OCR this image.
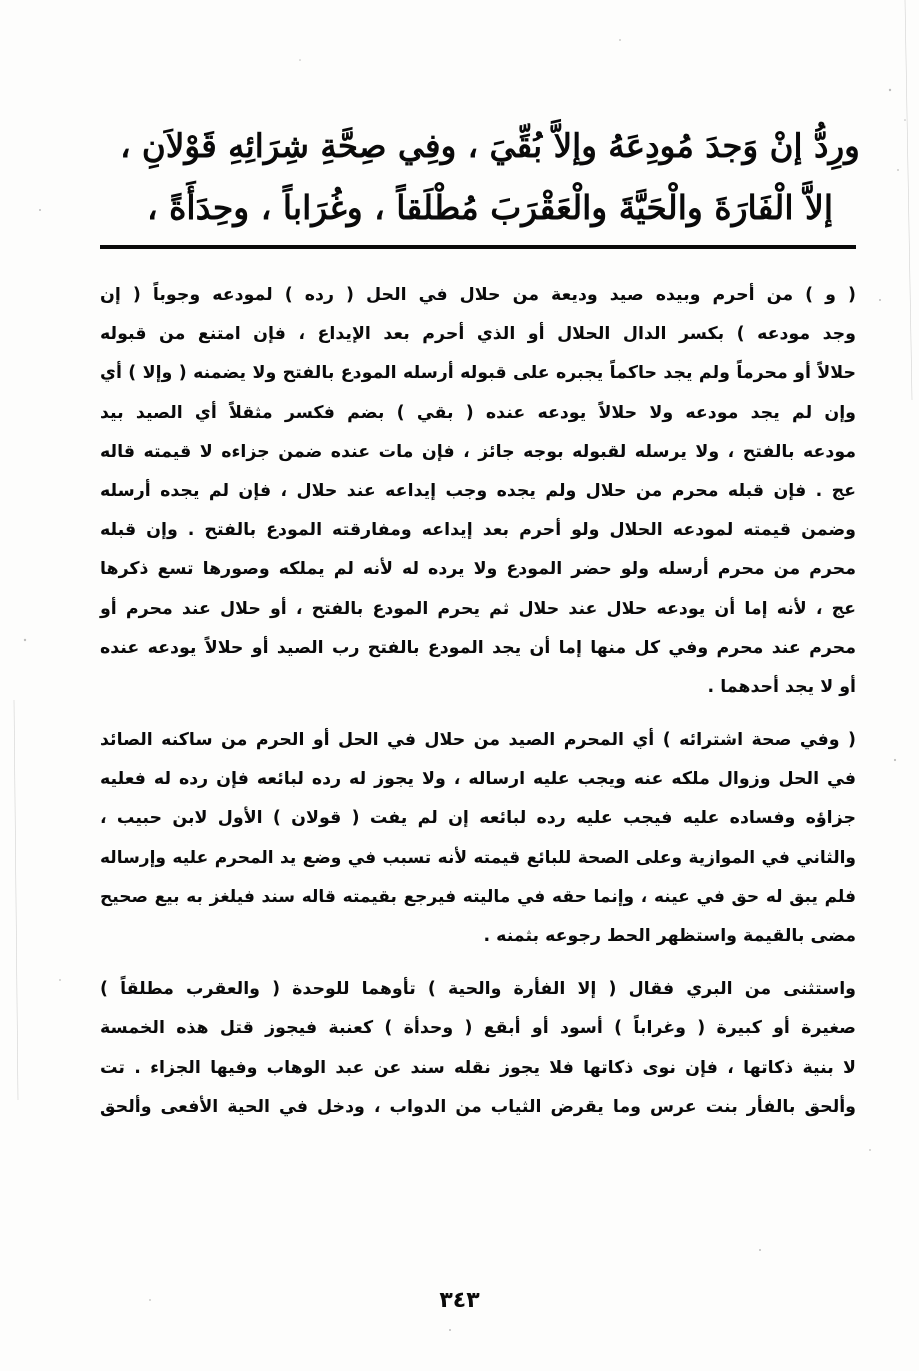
ورِدُّ إنْ وَجدَ مُودِعَهُ وإلاَّ بُقِّيَ ، وفِي صِحَّةِ شِرَائِهِ قَوْلاَنِ ،
إلاَّ الْفَارَةَ والْحَيَّةَ والْعَقْرَبَ مُطْلَقاً ، وغُرَاباً ، وحِدَأَةً ،
( و ) من أحرم وبيده صيد وديعة من حلال في الحل ( رده ) لمودعه وجوباً ( إن
وجد مودعه ) بكسر الدال الحلال أو الذي أحرم بعد الإيداع ، فإن امتنع من قبوله
حلالاً أو محرماً ولم يجد حاكماً يجبره على قبوله أرسله المودع بالفتح ولا يضمنه ( وإلا ) أي
وإن لم يجد مودعه ولا حلالاً يودعه عنده ( بقي ) بضم فكسر مثقلاً أي الصيد بيد
مودعه بالفتح ، ولا يرسله لقبوله بوجه جائز ، فإن مات عنده ضمن جزاءه لا قيمته قاله
عج . فإن قبله محرم من حلال ولم يجده وجب إيداعه عند حلال ، فإن لم يجده أرسله
وضمن قيمته لمودعه الحلال ولو أحرم بعد إيداعه ومفارقته المودع بالفتح . وإن قبله
محرم من محرم أرسله ولو حضر المودع ولا يرده له لأنه لم يملكه وصورها تسع ذكرها
عج ، لأنه إما أن يودعه حلال عند حلال ثم يحرم المودع بالفتح ، أو حلال عند محرم أو
محرم عند محرم وفي كل منها إما أن يجد المودع بالفتح رب الصيد أو حلالاً يودعه عنده
أو لا يجد أحدهما .
( وفي صحة اشترائه ) أي المحرم الصيد من حلال في الحل أو الحرم من ساكنه الصائد
في الحل وزوال ملكه عنه ويجب عليه ارساله ، ولا يجوز له رده لبائعه فإن رده له فعليه
جزاؤه وفساده عليه فيجب عليه رده لبائعه إن لم يفت ( قولان ) الأول لابن حبيب ،
والثاني في الموازية وعلى الصحة للبائع قيمته لأنه تسبب في وضع يد المحرم عليه وإرساله
فلم يبق له حق في عينه ، وإنما حقه في ماليته فيرجع بقيمته قاله سند فيلغز به بيع صحيح
مضى بالقيمة واستظهر الحط رجوعه بثمنه .
واستثنى من البري فقال ( إلا الفأرة والحية ) تأوهما للوحدة ( والعقرب مطلقاً )
صغيرة أو كبيرة ( وغراباً ) أسود أو أبقع ( وحدأة ) كعنبة فيجوز قتل هذه الخمسة
لا بنية ذكاتها ، فإن نوى ذكاتها فلا يجوز نقله سند عن عبد الوهاب وفيها الجزاء . تت
وألحق بالفأر بنت عرس وما يقرض الثياب من الدواب ، ودخل في الحية الأفعى وألحق
٣٤٣
